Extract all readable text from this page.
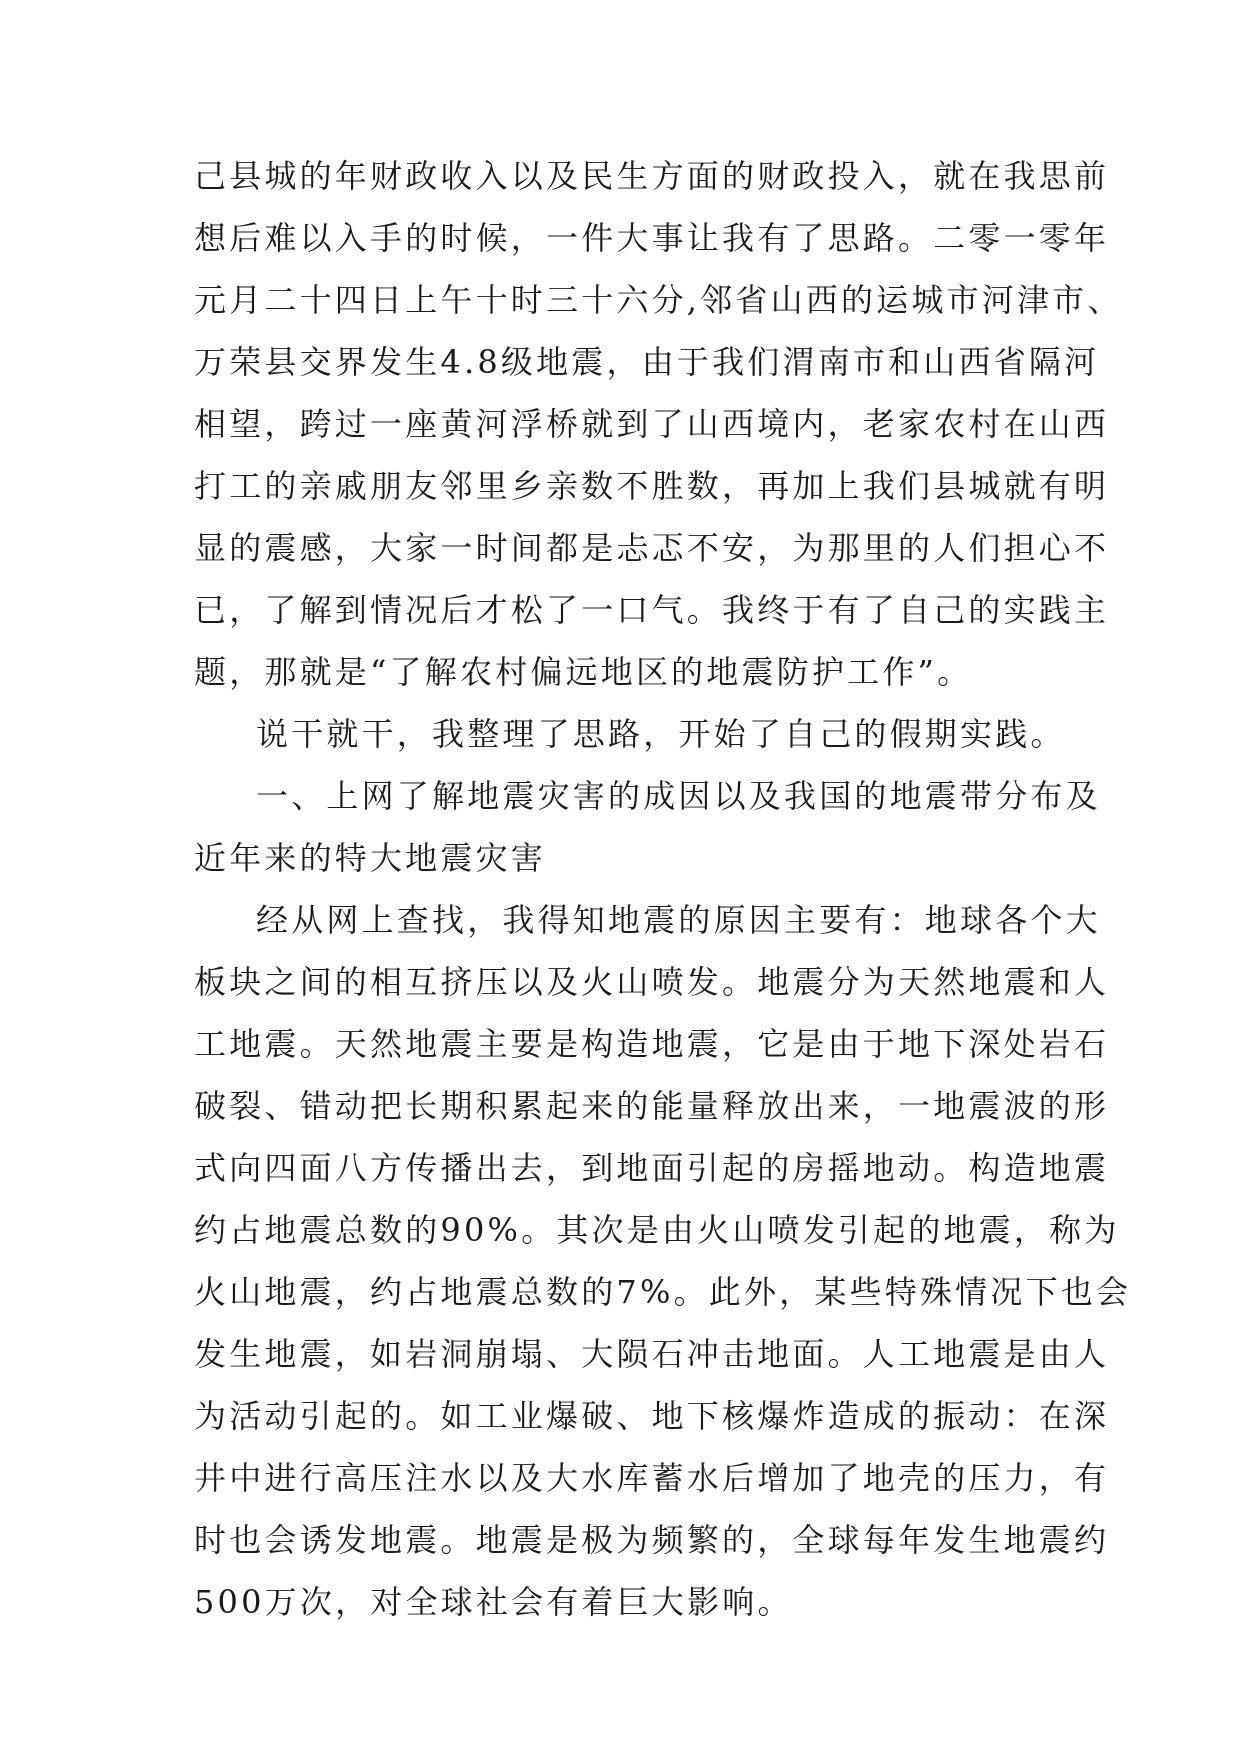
己县城的年财政收入以及民生方面的财政投入，就在我思前
想后难以入手的时候，一件大事让我有了思路。二零一零年
元月二十四日上午十时三十六分,邻省山西的运城市河津市、
万荣县交界发生4.8级地震，由于我们渭南市和山西省隔河
相望，跨过一座黄河浮桥就到了山西境内，老家农村在山西
打工的亲戚朋友邻里乡亲数不胜数，再加上我们县城就有明
显的震感，大家一时间都是忐忑不安，为那里的人们担心不
已，了解到情况后才松了一口气。我终于有了自己的实践主
题，那就是“了解农村偏远地区的地震防护工作”。
说干就干，我整理了思路，开始了自己的假期实践。
一、上网了解地震灾害的成因以及我国的地震带分布及
近年来的特大地震灾害
经从网上查找，我得知地震的原因主要有：地球各个大
板块之间的相互挤压以及火山喷发。地震分为天然地震和人
工地震。天然地震主要是构造地震，它是由于地下深处岩石
破裂、错动把长期积累起来的能量释放出来，一地震波的形
式向四面八方传播出去，到地面引起的房摇地动。构造地震
约占地震总数的90%。其次是由火山喷发引起的地震，称为
火山地震，约占地震总数的7%。此外，某些特殊情况下也会
发生地震，如岩洞崩塌、大陨石冲击地面。人工地震是由人
为活动引起的。如工业爆破、地下核爆炸造成的振动：在深
井中进行高压注水以及大水库蓄水后增加了地壳的压力，有
时也会诱发地震。地震是极为频繁的，全球每年发生地震约
500万次，对全球社会有着巨大影响。
